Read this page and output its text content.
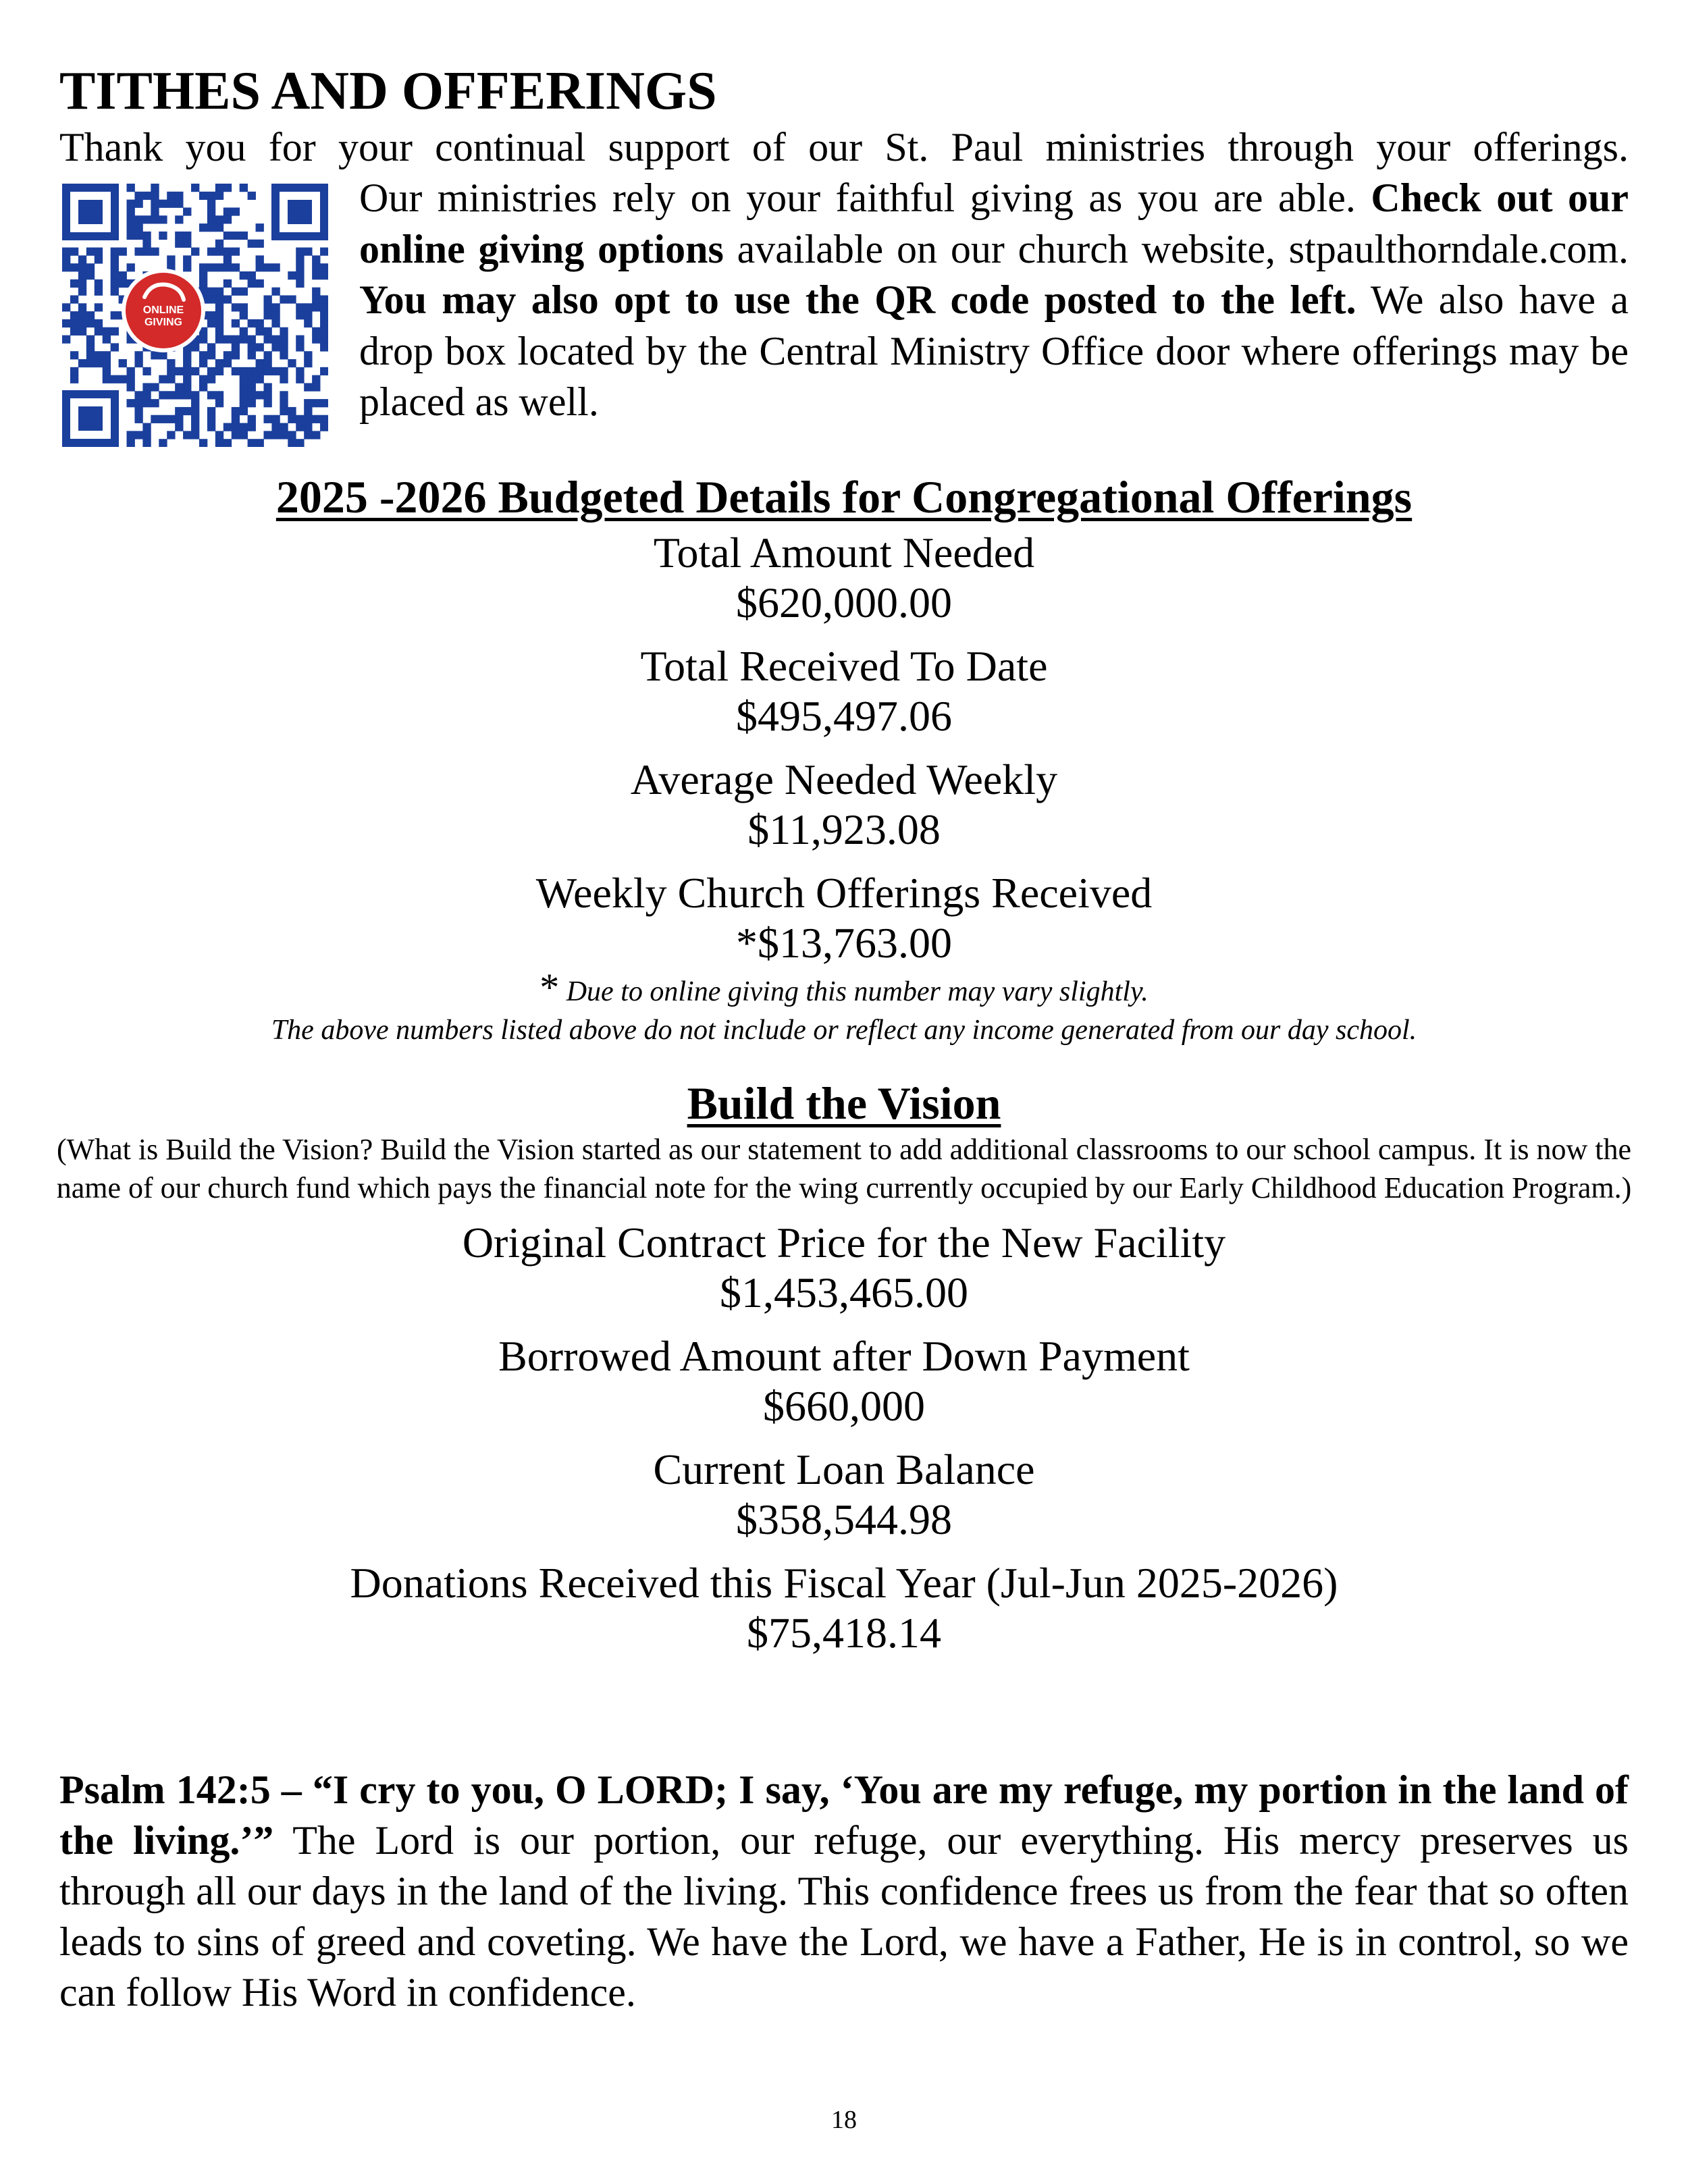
TITHES AND OFFERINGS
Thank you for your continual support of our St. Paul ministries through your offerings.
ONLINE
GIVING
Our ministries rely on your faithful giving as you are able. Check out our online giving options available on our church website, stpaulthorndale.com. You may also opt to use the QR code posted to the left. We also have a drop box located by the Central Ministry Office door where offerings may be placed as well.
2025 -2026 Budgeted Details for Congregational Offerings

Total Amount Needed

$620,000.00

Total Received To Date

$495,497.06

Average Needed Weekly

$11,923.08

Weekly Church Offerings Received

*$13,763.00

* Due to online giving this number may vary slightly.
The above numbers listed above do not include or reflect any income generated from our day school.
Build the Vision
(What is Build the Vision? Build the Vision started as our statement to add additional classrooms to our school campus. It is now the name of our church fund which pays the financial note for the wing currently occupied by our Early Childhood Education Program.)

Original Contract Price for the New Facility

$1,453,465.00

Borrowed Amount after Down Payment

$660,000

Current Loan Balance

$358,544.98

Donations Received this Fiscal Year (Jul-Jun 2025-2026)

$75,418.14

Psalm 142:5 – “I cry to you, O LORD; I say, ‘You are my refuge, my portion in the land of the living.’” The Lord is our portion, our refuge, our everything. His mercy preserves us through all our days in the land of the living. This confidence frees us from the fear that so often leads to sins of greed and coveting. We have the Lord, we have a Father, He is in control, so we can follow His Word in confidence.
18
